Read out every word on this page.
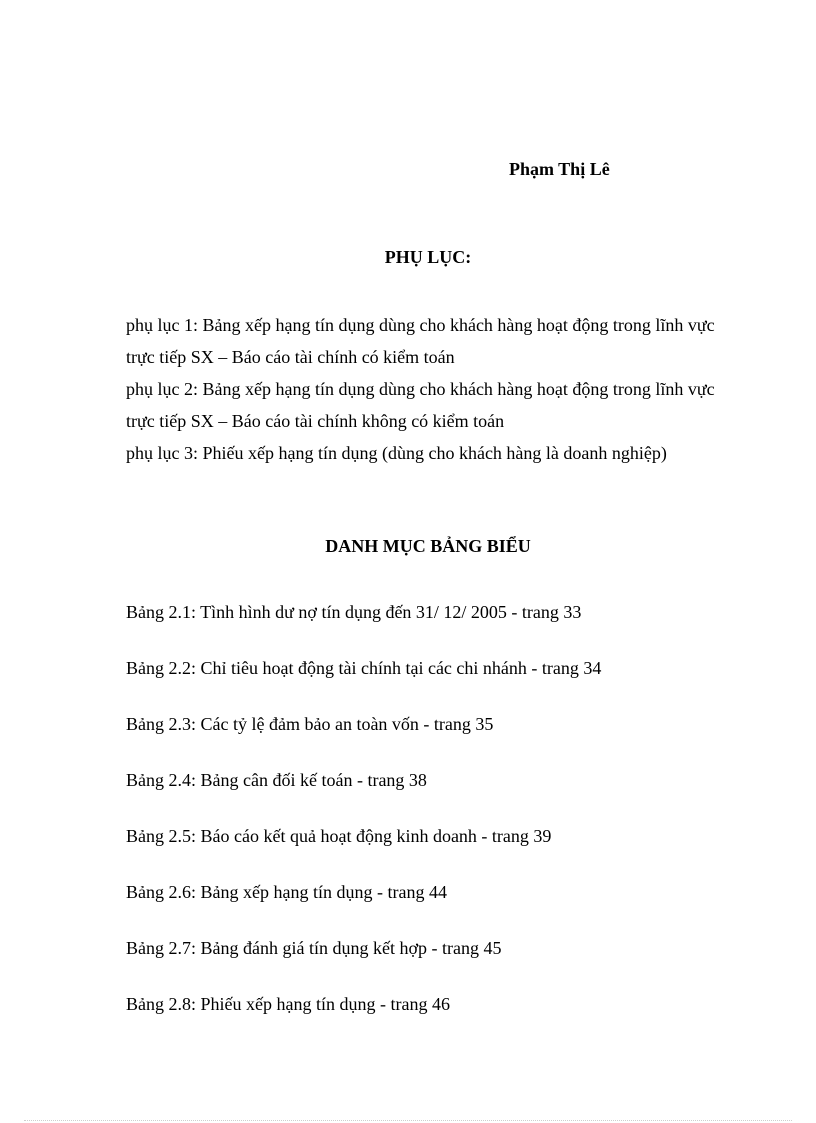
Phạm Thị Lê
PHỤ LỤC:
phụ lục 1: Bảng xếp hạng tín dụng dùng cho khách hàng hoạt động trong lĩnh vực trực tiếp SX – Báo cáo tài chính có kiểm toán
phụ lục 2: Bảng xếp hạng tín dụng dùng cho khách hàng hoạt động trong lĩnh vực trực tiếp SX – Báo cáo tài chính không có kiểm toán
phụ lục 3: Phiếu xếp hạng tín dụng (dùng cho khách hàng là doanh nghiệp)
DANH MỤC BẢNG BIỂU
Bảng 2.1: Tình hình dư nợ tín dụng đến 31/ 12/ 2005 - trang 33
Bảng 2.2: Chỉ tiêu hoạt động tài chính tại các chi nhánh - trang 34
Bảng 2.3: Các tỷ lệ đảm bảo an toàn vốn - trang 35
Bảng 2.4: Bảng cân đối kế toán - trang 38
Bảng 2.5: Báo cáo kết quả hoạt động kinh doanh - trang 39
Bảng 2.6: Bảng xếp hạng tín dụng - trang 44
Bảng 2.7: Bảng đánh giá tín dụng kết hợp - trang 45
Bảng 2.8: Phiếu xếp hạng tín dụng - trang 46
